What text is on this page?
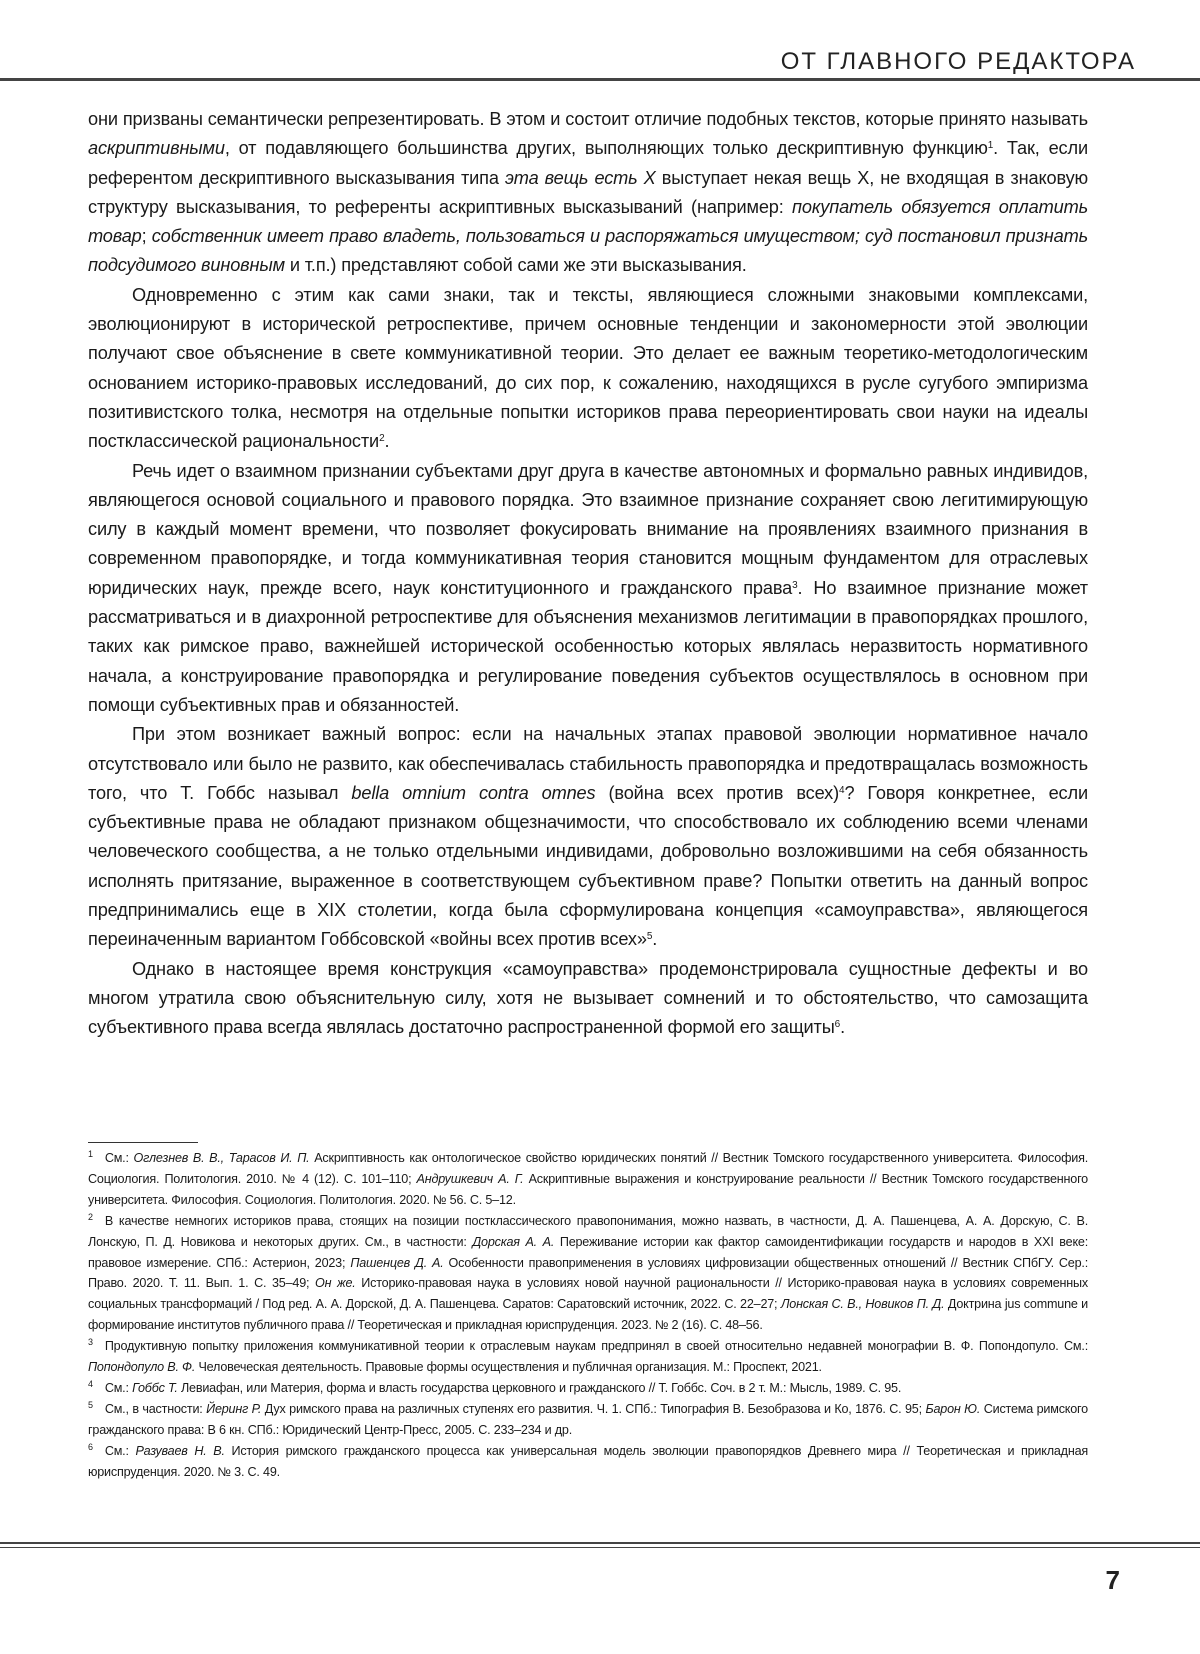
ОТ ГЛАВНОГО РЕДАКТОРА

они призваны семантически репрезентировать. В этом и состоит отличие подобных текстов, которые принято называть аскриптивными, от подавляющего большинства других, выполняющих только дескриптивную функцию1. Так, если референтом дескриптивного высказывания типа эта вещь есть X выступает некая вещь X, не входящая в знаковую структуру высказывания, то референты аскриптивных высказываний (например: покупатель обязуется оплатить товар; собственник имеет право владеть, пользоваться и распоряжаться имуществом; суд постановил признать подсудимого виновным и т.п.) представляют собой сами же эти высказывания.

Одновременно с этим как сами знаки, так и тексты, являющиеся сложными знаковыми комплексами, эволюционируют в исторической ретроспективе, причем основные тенденции и закономерности этой эволюции получают свое объяснение в свете коммуникативной теории. Это делает ее важным теоретико-методологическим основанием историко-правовых исследований, до сих пор, к сожалению, находящихся в русле сугубого эмпиризма позитивистского толка, несмотря на отдельные попытки историков права переориентировать свои науки на идеалы постклассической рациональности2.

Речь идет о взаимном признании субъектами друг друга в качестве автономных и формально равных индивидов, являющегося основой социального и правового порядка. Это взаимное признание сохраняет свою легитимирующую силу в каждый момент времени, что позволяет фокусировать внимание на проявлениях взаимного признания в современном правопорядке, и тогда коммуникативная теория становится мощным фундаментом для отраслевых юридических наук, прежде всего, наук конституционного и гражданского права3. Но взаимное признание может рассматриваться и в диахронной ретроспективе для объяснения механизмов легитимации в правопорядках прошлого, таких как римское право, важнейшей исторической особенностью которых являлась неразвитость нормативного начала, а конструирование правопорядка и регулирование поведения субъектов осуществлялось в основном при помощи субъективных прав и обязанностей.

При этом возникает важный вопрос: если на начальных этапах правовой эволюции нормативное начало отсутствовало или было не развито, как обеспечивалась стабильность правопорядка и предотвращалась возможность того, что Т. Гоббс называл bella omnium contra omnes (война всех против всех)4? Говоря конкретнее, если субъективные права не обладают признаком общезначимости, что способствовало их соблюдению всеми членами человеческого сообщества, а не только отдельными индивидами, добровольно возложившими на себя обязанность исполнять притязание, выраженное в соответствующем субъективном праве? Попытки ответить на данный вопрос предпринимались еще в XIX столетии, когда была сформулирована концепция «самоуправства», являющегося переиначенным вариантом Гоббсовской «войны всех против всех»5.

Однако в настоящее время конструкция «самоуправства» продемонстрировала сущностные дефекты и во многом утратила свою объяснительную силу, хотя не вызывает сомнений и то обстоятельство, что самозащита субъективного права всегда являлась достаточно распространенной формой его защиты6.

1 См.: Оглезнев В. В., Тарасов И. П. Аскриптивность как онтологическое свойство юридических понятий // Вестник Томского государственного университета. Философия. Социология. Политология. 2010. № 4 (12). С. 101–110; Андрушкевич А. Г. Аскриптивные выражения и конструирование реальности // Вестник Томского государственного университета. Философия. Социология. Политология. 2020. № 56. С. 5–12.

2 В качестве немногих историков права, стоящих на позиции постклассического правопонимания, можно назвать, в частности, Д. А. Пашенцева, А. А. Дорскую, С. В. Лонскую, П. Д. Новикова и некоторых других. См., в частности: Дорская А. А. Переживание истории как фактор самоидентификации государств и народов в XXI веке: правовое измерение. СПб.: Астерион, 2023; Пашенцев Д. А. Особенности правоприменения в условиях цифровизации общественных отношений // Вестник СПбГУ. Сер.: Право. 2020. Т. 11. Вып. 1. С. 35–49; Он же. Историко-правовая наука в условиях новой научной рациональности // Историко-правовая наука в условиях современных социальных трансформаций / Под ред. А. А. Дорской, Д. А. Пашенцева. Саратов: Саратовский источник, 2022. С. 22–27; Лонская С. В., Новиков П. Д. Доктрина jus commune и формирование институтов публичного права // Теоретическая и прикладная юриспруденция. 2023. № 2 (16). С. 48–56.

3 Продуктивную попытку приложения коммуникативной теории к отраслевым наукам предпринял в своей относительно недавней монографии В. Ф. Попондопуло. См.: Попондопуло В. Ф. Человеческая деятельность. Правовые формы осуществления и публичная организация. М.: Проспект, 2021.

4 См.: Гоббс Т. Левиафан, или Материя, форма и власть государства церковного и гражданского // Т. Гоббс. Соч. в 2 т. М.: Мысль, 1989. С. 95.

5 См., в частности: Йеринг Р. Дух римского права на различных ступенях его развития. Ч. 1. СПб.: Типография В. Безобразова и Ко, 1876. С. 95; Барон Ю. Система римского гражданского права: В 6 кн. СПб.: Юридический Центр-Пресс, 2005. С. 233–234 и др.

6 См.: Разуваев Н. В. История римского гражданского процесса как универсальная модель эволюции правопорядков Древнего мира // Теоретическая и прикладная юриспруденция. 2020. № 3. С. 49.

7
